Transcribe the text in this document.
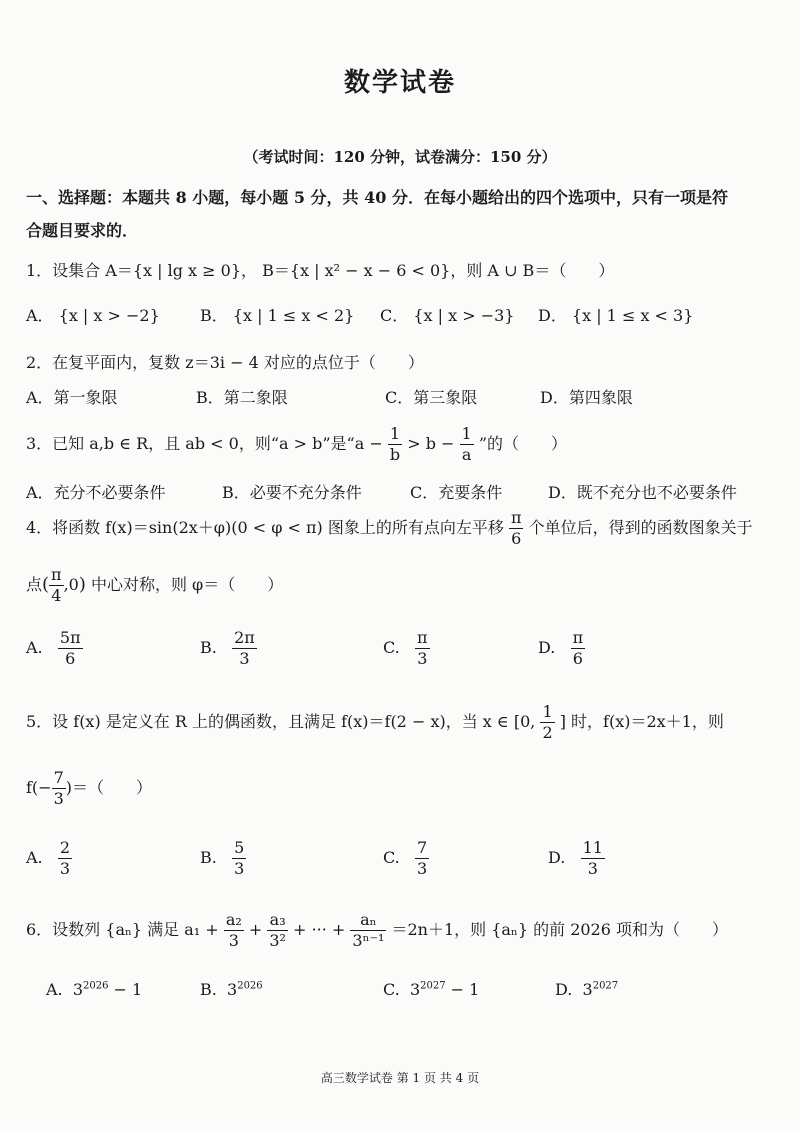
数学试卷
（考试时间：120 分钟，试卷满分：150 分）
一、选择题：本题共 8 小题，每小题 5 分，共 40 分．在每小题给出的四个选项中，只有一项是符
合题目要求的．
1．设集合 A＝{x | lg x ≥ 0}， B＝{x | x² − x − 6 < 0}，则 A ∪ B＝（　　）
A． {x | x > −2}	B． {x | 1 ≤ x < 2} C． {x | x > −3} D． {x | 1 ≤ x < 3}
2．在复平面内，复数 z＝3i − 4 对应的点位于（　　）
A．第一象限	B．第二象限	C．第三象限	D．第四象限
3．已知 a,b ∈ R，且 ab < 0，则“a > b”是“$a - \frac{1}{b} > b - \frac{1}{a}$ ”的（　　）
A．充分不必要条件	B．必要不充分条件	C．充要条件	D．既不充分也不必要条件
4．将函数 f(x)＝sin(2x＋φ)(0 < φ < π) 图象上的所有点向左平移 $\frac{\pi}{6}$ 个单位后，得到的函数图象关于
点( $\frac{\pi}{4} ,0$) 中心对称，则 φ＝（　　）
A. $\frac{5\pi}{6}$	B. $\frac{2\pi}{3}$	C. $\frac{\pi}{3}$	D. $\frac{\pi}{6}$
5．设 f(x) 是定义在 R 上的偶函数，且满足 f(x)＝f(2 − x)，当 x ∈ [0, $\frac{1}{2}$ ] 时，f(x)＝2x＋1，则
$f(- \frac{7}{3}$ )＝（　　）
A. $\frac{2}{3}$	B. $\frac{5}{3}$	C. $\frac{7}{3}$	D. $\frac{11}{3}$
6．设数列 {aₙ} 满足 $a_1 + \frac{\text{a₂}}{3} + \frac{\text{a₃}}{\text{3²}}$ + ··· + $\frac{\text{aₙ}}{\text{3ⁿ⁻¹}} =2n+1$，则 {aₙ} 的前 2026 项和为（　　）
A. $3^{2026} - 1$	B. $3^{2026}$	C. $3^{2027} - 1$	D. $3^{2027}$
高三数学试卷 第 1 页 共 4 页
